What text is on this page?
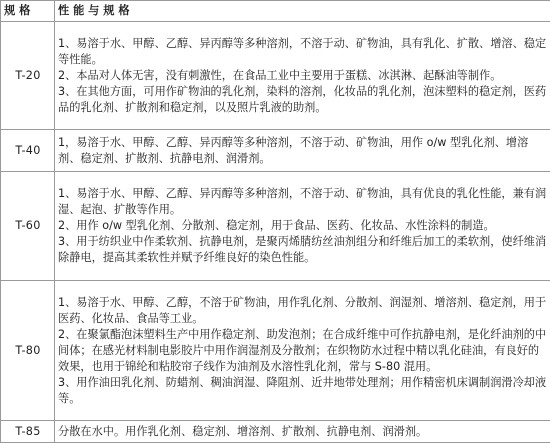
规 格	性 能 与 规 格
T-20	1、易溶于水、甲醇、乙醇、异丙醇等多种溶剂，不溶于动、矿物油，具有乳化、扩散、增溶、稳定等性能。

2、本品对人体无害，没有刺激性，在食品工业中主要用于蛋糕、冰淇淋、起酥油等制作。

3、在其他方面，可用作矿物油的乳化剂，染料的溶剂，化妆品的乳化剂，泡沫塑料的稳定剂，医药品的乳化剂、扩散剂和稳定剂，以及照片乳液的助剂。

T-40	1，易溶于水、甲醇、乙醇、异丙醇等多种溶剂，不溶于动、矿物油，用作 o/w 型乳化剂、增溶剂、稳定剂、扩散剂、抗静电剂、润滑剂。

T-60	1、易溶于水、甲醇、乙醇、异丙醇等多种溶剂，不溶于动、矿物油，具有优良的乳化性能，兼有润湿、起泡、扩散等作用。

2、用作 o/w 型乳化剂、分散剂、稳定剂，用于食品、医药、化妆品、水性涂料的制造。

3、用于纺织业中作柔软剂、抗静电剂，是聚丙烯腈纺丝油剂组分和纤维后加工的柔软剂，使纤维消除静电，提高其柔软性并赋予纤维良好的染色性能。

T-80	1、易溶于水、甲醇、乙醇，不溶于矿物油，用作乳化剂、分散剂、润湿剂、增溶剂、稳定剂，用于医药、化妆品、食品等工业。

2、在聚氯酯泡沫塑料生产中用作稳定剂、助发泡剂；在合成纤维中可作抗静电剂，是化纤油剂的中间体；在感光材料制电影胶片中用作润湿剂及分散剂；在织物防水过程中精以乳化硅油，有良好的效果，也用于锦纶和粘胶帘子线作为油剂及水溶性乳化剂，常与 S-80 混用。

3、用作油田乳化剂、防蜡剂、稠油润湿、降阻剂、近井地带处理剂；用作精密机床调制润滑冷却液等。

T-85	分散在水中。用作乳化剂、稳定剂、增溶剂、扩散剂、抗静电剂、润滑剂。
